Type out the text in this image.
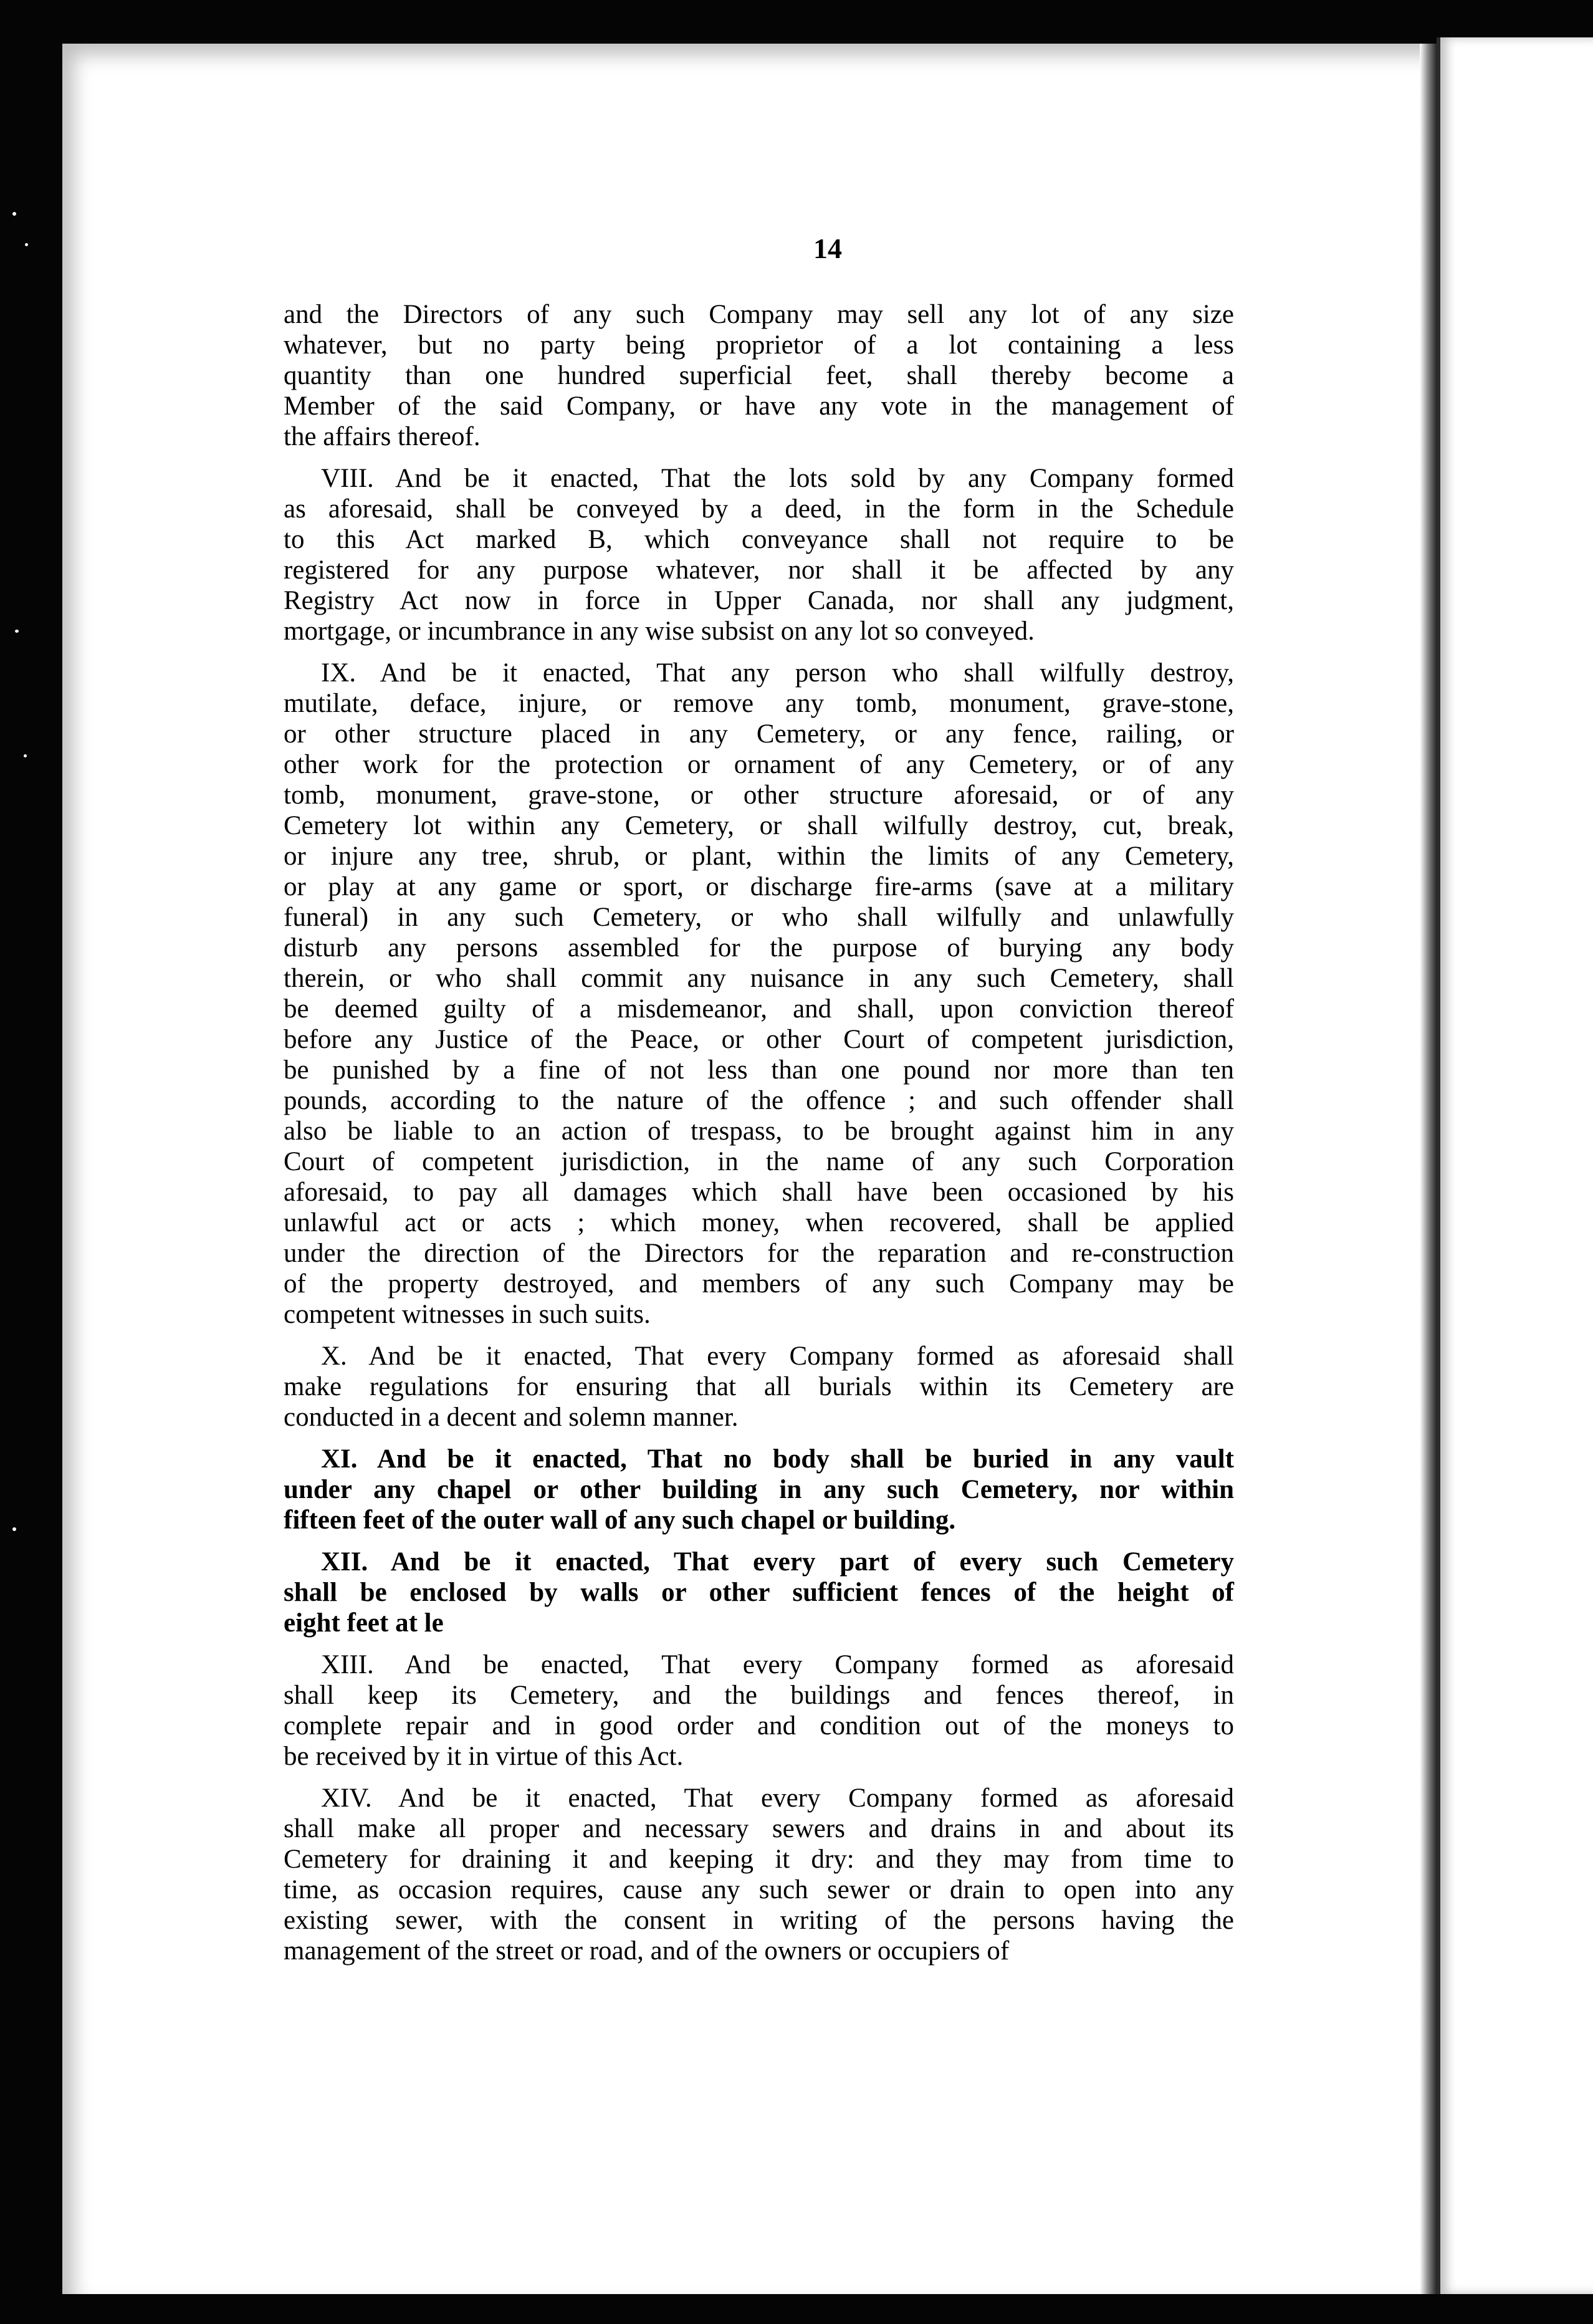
14
and the Directors of any such Company may sell any lot of any size
whatever, but no party being proprietor of a lot containing a less
quantity than one hundred superficial feet, shall thereby become a
Member of the said Company, or have any vote in the management of
the affairs thereof.
VIII. And be it enacted, That the lots sold by any Company formed
as aforesaid, shall be conveyed by a deed, in the form in the Schedule
to this Act marked B, which conveyance shall not require to be
registered for any purpose whatever, nor shall it be affected by any
Registry Act now in force in Upper Canada, nor shall any judgment,
mortgage, or incumbrance in any wise subsist on any lot so conveyed.
IX. And be it enacted, That any person who shall wilfully destroy,
mutilate, deface, injure, or remove any tomb, monument, grave-stone,
or other structure placed in any Cemetery, or any fence, railing, or
other work for the protection or ornament of any Cemetery, or of any
tomb, monument, grave-stone, or other structure aforesaid, or of any
Cemetery lot within any Cemetery, or shall wilfully destroy, cut, break,
or injure any tree, shrub, or plant, within the limits of any Cemetery,
or play at any game or sport, or discharge fire-arms (save at a military
funeral) in any such Cemetery, or who shall wilfully and unlawfully
disturb any persons assembled for the purpose of burying any body
therein, or who shall commit any nuisance in any such Cemetery, shall
be deemed guilty of a misdemeanor, and shall, upon conviction thereof
before any Justice of the Peace, or other Court of competent jurisdiction,
be punished by a fine of not less than one pound nor more than ten
pounds, according to the nature of the offence ; and such offender shall
also be liable to an action of trespass, to be brought against him in any
Court of competent jurisdiction, in the name of any such Corporation
aforesaid, to pay all damages which shall have been occasioned by his
unlawful act or acts ; which money, when recovered, shall be applied
under the direction of the Directors for the reparation and re-construction
of the property destroyed, and members of any such Company may be
competent witnesses in such suits.
X. And be it enacted, That every Company formed as aforesaid shall
make regulations for ensuring that all burials within its Cemetery are
conducted in a decent and solemn manner.
XI. And be it enacted, That no body shall be buried in any vault
under any chapel or other building in any such Cemetery, nor within
fifteen feet of the outer wall of any such chapel or building.
XII. And be it enacted, That every part of every such Cemetery
shall be enclosed by walls or other sufficient fences of the height of
eight feet at le
XIII. And be enacted, That every Company formed as aforesaid
shall keep its Cemetery, and the buildings and fences thereof, in
complete repair and in good order and condition out of the moneys to
be received by it in virtue of this Act.
XIV. And be it enacted, That every Company formed as aforesaid
shall make all proper and necessary sewers and drains in and about its
Cemetery for draining it and keeping it dry: and they may from time to
time, as occasion requires, cause any such sewer or drain to open into any
existing sewer, with the consent in writing of the persons having the
management of the street or road, and of the owners or occupiers of
